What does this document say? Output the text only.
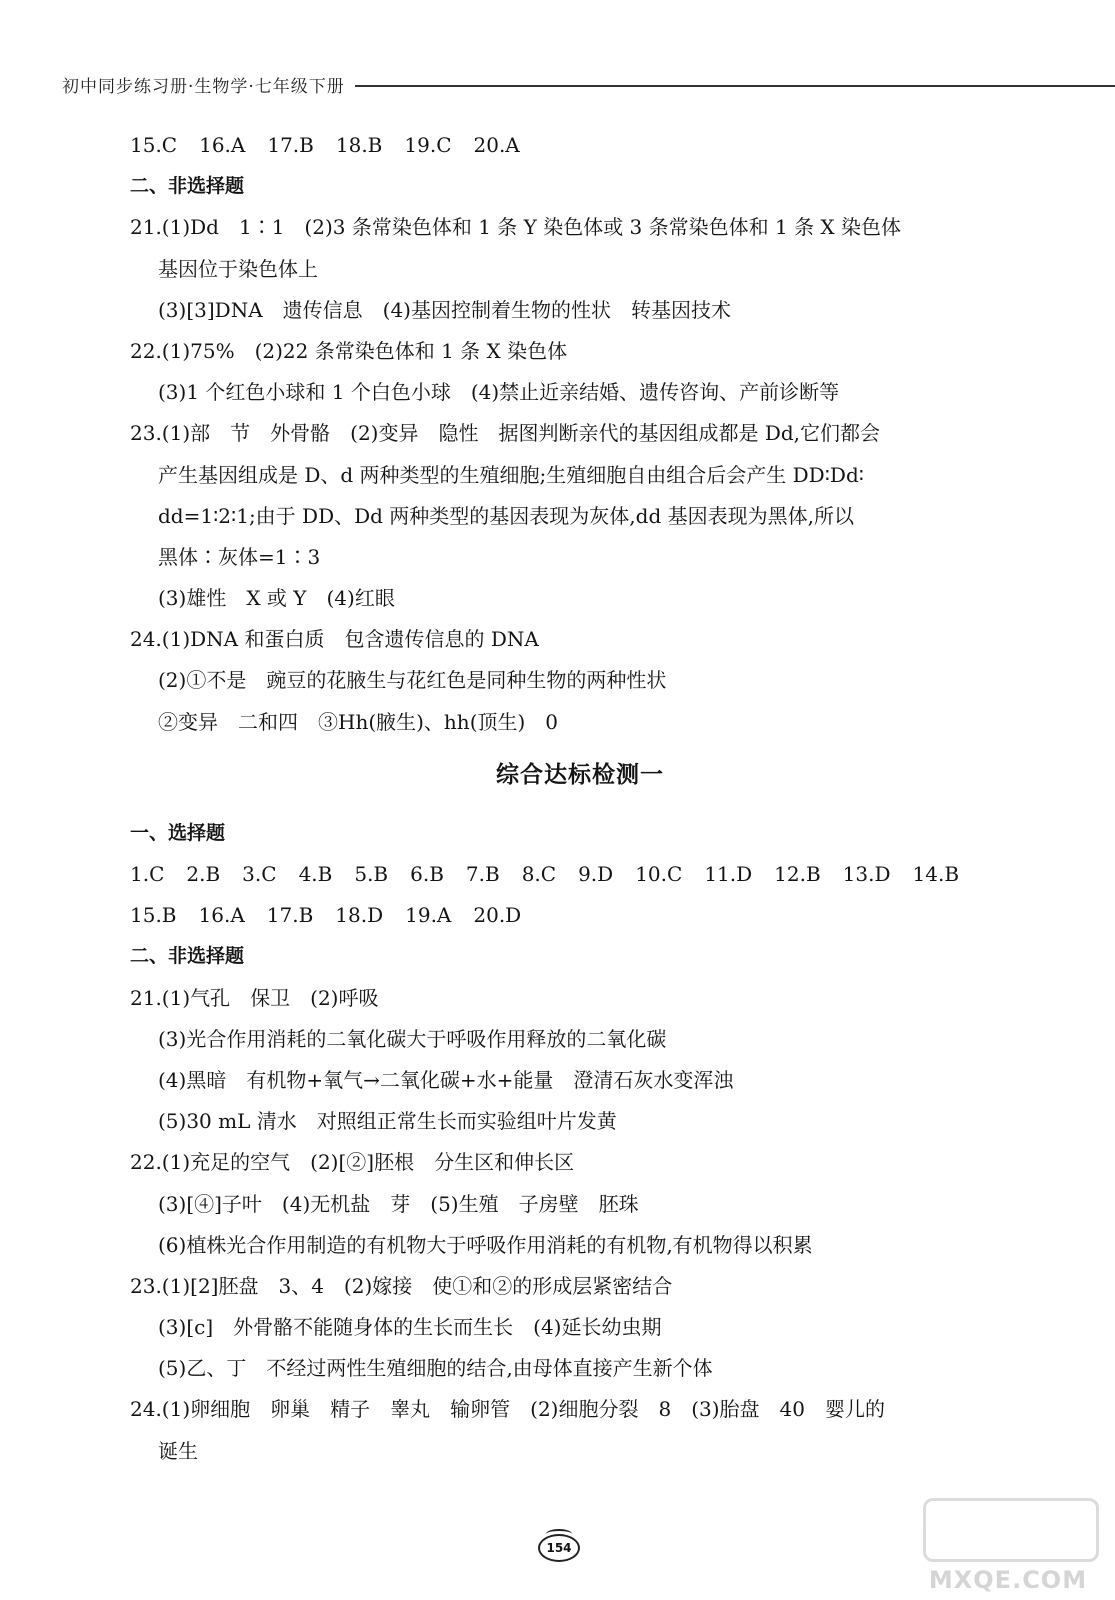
初中同步练习册·生物学·七年级下册
15.C 16.A 17.B 18.B 19.C 20.A
二、非选择题
21.(1)Dd　1∶1　(2)3 条常染色体和 1 条 Y 染色体或 3 条常染色体和 1 条 X 染色体
基因位于染色体上
(3)[3]DNA　遗传信息　(4)基因控制着生物的性状　转基因技术
22.(1)75%　(2)22 条常染色体和 1 条 X 染色体
(3)1 个红色小球和 1 个白色小球　(4)禁止近亲结婚、遗传咨询、产前诊断等
23.(1)部　节　外骨骼　(2)变异　隐性　据图判断亲代的基因组成都是 Dd,它们都会
产生基因组成是 D、d 两种类型的生殖细胞;生殖细胞自由组合后会产生 DD∶Dd∶
dd=1∶2∶1;由于 DD、Dd 两种类型的基因表现为灰体,dd 基因表现为黑体,所以
黑体∶灰体=1∶3
(3)雄性　X 或 Y　(4)红眼
24.(1)DNA 和蛋白质　包含遗传信息的 DNA
(2)①不是　豌豆的花腋生与花红色是同种生物的两种性状
②变异　二和四　③Hh(腋生)、hh(顶生)　0
综合达标检测一
一、选择题
1.C 2.B 3.C 4.B 5.B 6.B 7.B 8.C 9.D 10.C 11.D 12.B 13.D 14.B
15.B 16.A 17.B 18.D 19.A 20.D
二、非选择题
21.(1)气孔　保卫　(2)呼吸
(3)光合作用消耗的二氧化碳大于呼吸作用释放的二氧化碳
(4)黑暗　有机物+氧气→二氧化碳+水+能量　澄清石灰水变浑浊
(5)30 mL 清水　对照组正常生长而实验组叶片发黄
22.(1)充足的空气　(2)[②]胚根　分生区和伸长区
(3)[④]子叶　(4)无机盐　芽　(5)生殖　子房壁　胚珠
(6)植株光合作用制造的有机物大于呼吸作用消耗的有机物,有机物得以积累
23.(1)[2]胚盘　3、4　(2)嫁接　使①和②的形成层紧密结合
(3)[c]　外骨骼不能随身体的生长而生长　(4)延长幼虫期
(5)乙、丁　不经过两性生殖细胞的结合,由母体直接产生新个体
24.(1)卵细胞　卵巢　精子　睾丸　输卵管　(2)细胞分裂　8　(3)胎盘　40　婴儿的
诞生
154
MXQE.COM
